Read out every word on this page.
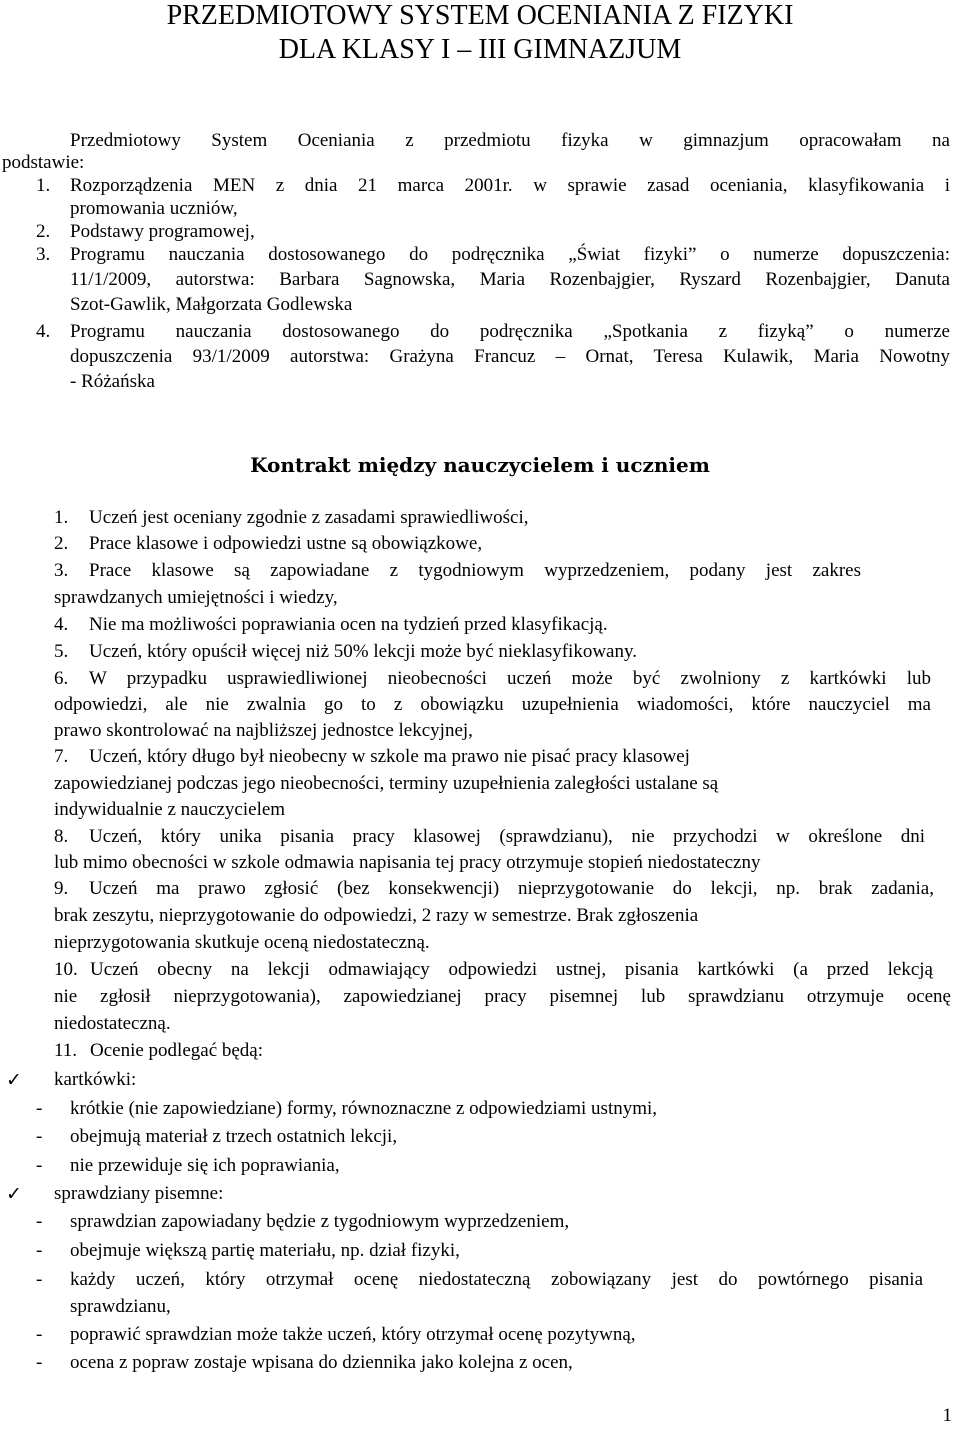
PRZEDMIOTOWY SYSTEM OCENIANIA Z FIZYKI
DLA KLASY I – III GIMNAZJUM
Przedmiotowy System Oceniania z przedmiotu fizyka w gimnazjum opracowałam na
podstawie:
1. Rozporządzenia MEN z dnia 21 marca 2001r. w sprawie zasad oceniania, klasyfikowania i
promowania uczniów,
2. Podstawy programowej,
3. Programu nauczania dostosowanego do podręcznika „Świat fizyki” o numerze dopuszczenia:
11/1/2009, autorstwa: Barbara Sagnowska, Maria Rozenbajgier, Ryszard Rozenbajgier, Danuta
Szot-Gawlik, Małgorzata Godlewska
4. Programu nauczania dostosowanego do podręcznika „Spotkania z fizyką” o numerze
dopuszczenia 93/1/2009 autorstwa: Grażyna Francuz – Ornat, Teresa Kulawik, Maria Nowotny
- Różańska
Kontrakt między nauczycielem i uczniem
1. Uczeń jest oceniany zgodnie z zasadami sprawiedliwości,
2. Prace klasowe i odpowiedzi ustne są obowiązkowe,
3. Prace klasowe są zapowiadane z tygodniowym wyprzedzeniem, podany jest zakres
sprawdzanych umiejętności i wiedzy,
4. Nie ma możliwości poprawiania ocen na tydzień przed klasyfikacją.
5. Uczeń, który opuścił więcej niż 50% lekcji może być nieklasyfikowany.
6. W przypadku usprawiedliwionej nieobecności uczeń może być zwolniony z kartkówki lub
odpowiedzi, ale nie zwalnia go to z obowiązku uzupełnienia wiadomości, które nauczyciel ma
prawo skontrolować na najbliższej jednostce lekcyjnej,
7. Uczeń, który długo był nieobecny w szkole ma prawo nie pisać pracy klasowej
zapowiedzianej podczas jego nieobecności, terminy uzupełnienia zaległości ustalane są
indywidualnie z nauczycielem
8. Uczeń, który unika pisania pracy klasowej (sprawdzianu), nie przychodzi w określone dni
lub mimo obecności w szkole odmawia napisania tej pracy otrzymuje stopień niedostateczny
9. Uczeń ma prawo zgłosić (bez konsekwencji) nieprzygotowanie do lekcji, np. brak zadania,
brak zeszytu, nieprzygotowanie do odpowiedzi, 2 razy w semestrze. Brak zgłoszenia
nieprzygotowania skutkuje oceną niedostateczną.
10. Uczeń obecny na lekcji odmawiający odpowiedzi ustnej, pisania kartkówki (a przed lekcją
nie zgłosił nieprzygotowania), zapowiedzianej pracy pisemnej lub sprawdzianu otrzymuje ocenę
niedostateczną.
11. Ocenie podlegać będą:
✓ kartkówki:
- krótkie (nie zapowiedziane) formy, równoznaczne z odpowiedziami ustnymi,
- obejmują materiał z trzech ostatnich lekcji,
- nie przewiduje się ich poprawiania,
✓ sprawdziany pisemne:
- sprawdzian zapowiadany będzie z tygodniowym wyprzedzeniem,
- obejmuje większą partię materiału, np. dział fizyki,
- każdy uczeń, który otrzymał ocenę niedostateczną zobowiązany jest do powtórnego pisania
sprawdzianu,
- poprawić sprawdzian może także uczeń, który otrzymał ocenę pozytywną,
- ocena z popraw zostaje wpisana do dziennika jako kolejna z ocen,
1
